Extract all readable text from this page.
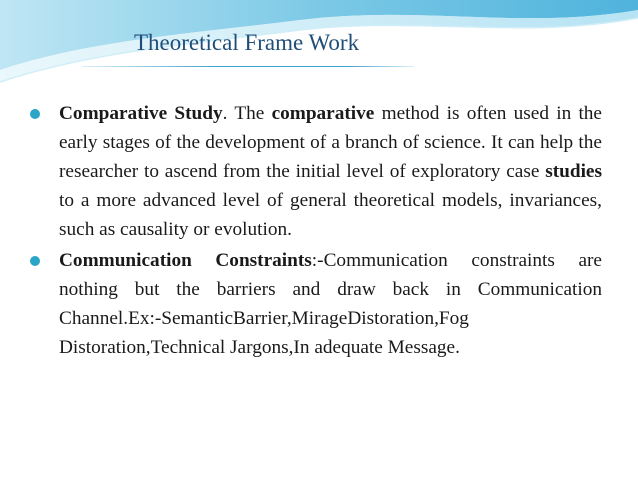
Theoretical Frame Work
Comparative Study. The comparative method is often used in the early stages of the development of a branch of science. It can help the researcher to ascend from the initial level of exploratory case studies to a more advanced level of general theoretical models, invariances, such as causality or evolution.
Communication Constraints:-Communication constraints are nothing but the barriers and draw back in Communication Channel.Ex:-SemanticBarrier,MirageDistoration,Fog Distoration,Technical Jargons,In adequate Message.
